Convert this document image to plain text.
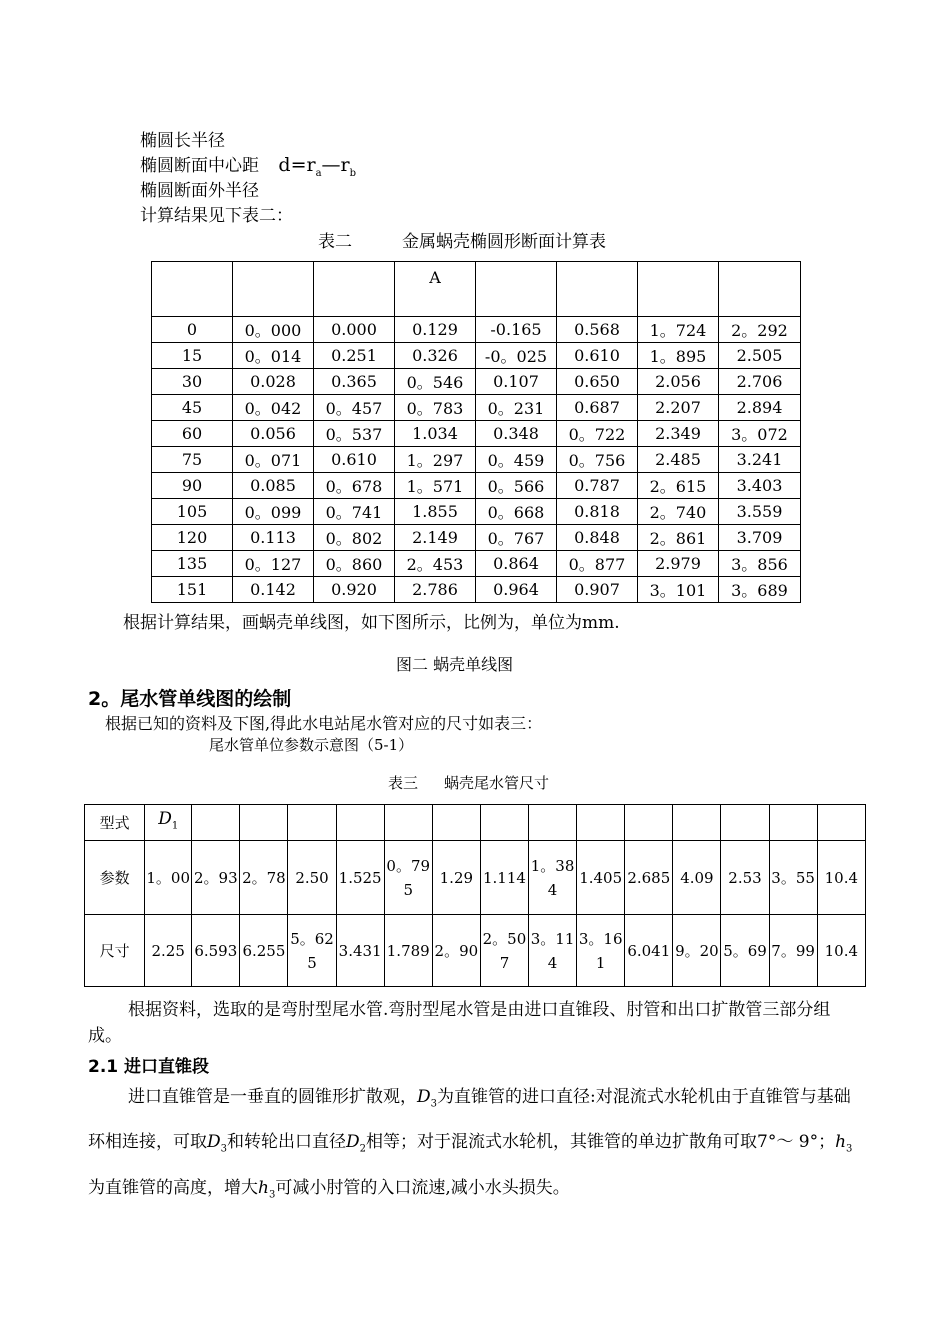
椭圆长半径
椭圆断面中心距 $d=r_a—r_b$
椭圆断面外半径
计算结果见下表二：
表二	金属蜗壳椭圆形断面计算表
			A				
0	0。000	0.000	0.129	-0.165	0.568	1。724	2。292
15	0。014	0.251	0.326	-0。025	0.610	1。895	2.505
30	0.028	0.365	0。546	0.107	0.650	2.056	2.706
45	0。042	0。457	0。783	0。231	0.687	2.207	2.894
60	0.056	0。537	1.034	0.348	0。722	2.349	3。072
75	0。071	0.610	1。297	0。459	0。756	2.485	3.241
90	0.085	0。678	1。571	0。566	0.787	2。615	3.403
105	0。099	0。741	1.855	0。668	0.818	2。740	3.559
120	0.113	0。802	2.149	0。767	0.848	2。861	3.709
135	0。127	0。860	2。453	0.864	0。877	2.979	3。856
151	0.142	0.920	2.786	0.964	0.907	3。101	3。689
根据计算结果，画蜗壳单线图，如下图所示，比例为，单位为mm.
图二 蜗壳单线图
2。尾水管单线图的绘制
根据已知的资料及下图,得此水电站尾水管对应的尺寸如表三：
尾水管单位参数示意图（5-1）
表三 蜗壳尾水管尺寸
型式	$D_1$														
参数	1。00	2。93	2。78	2.50	1.525	0。795	1.29	1.114	1。384	1.405	2.685	4.09	2.53	3。55	10.4
尺寸	2.25	6.593	6.255	5。625	3.431	1.789	2。90	2。507	3。114	3。161	6.041	9。20	5。69	7。99	10.4
根据资料，选取的是弯肘型尾水管.弯肘型尾水管是由进口直锥段、肘管和出口扩散管三部分组成。
2.1 进口直锥段
进口直锥管是一垂直的圆锥形扩散观，$D_3$为直锥管的进口直径:对混流式水轮机由于直锥管与基础环相连接，可取$D_3$和转轮出口直径$D_2$相等；对于混流式水轮机，其锥管的单边扩散角可取7°～ 9°；$h_3$为直锥管的高度，增大$h_3$可减小肘管的入口流速,减小水头损失。
